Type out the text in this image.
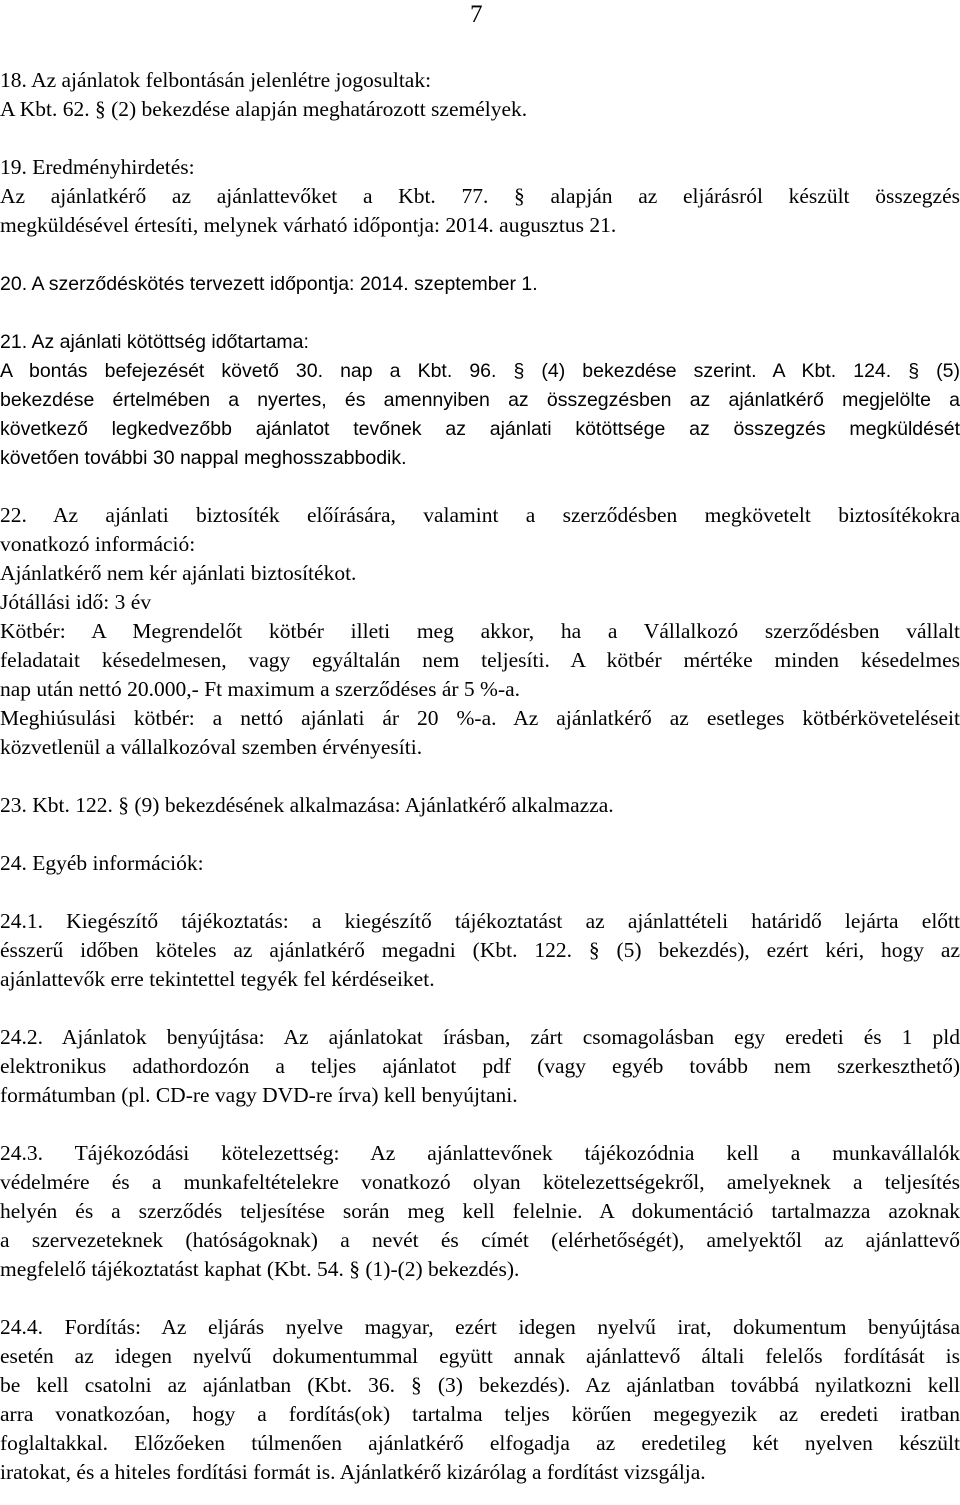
7
18. Az ajánlatok felbontásán jelenlétre jogosultak:
A Kbt. 62. § (2) bekezdése alapján meghatározott személyek.
19. Eredményhirdetés:
Az ajánlatkérő az ajánlattevőket a Kbt. 77. § alapján az eljárásról készült összegzés
megküldésével értesíti, melynek várható időpontja: 2014. augusztus 21.
20. A szerződéskötés tervezett időpontja: 2014. szeptember 1.
21. Az ajánlati kötöttség időtartama:
A bontás befejezését követő 30. nap a Kbt. 96. § (4) bekezdése szerint. A Kbt. 124. § (5)
bekezdése értelmében a nyertes, és amennyiben az összegzésben az ajánlatkérő megjelölte a
következő legkedvezőbb ajánlatot tevőnek az ajánlati kötöttsége az összegzés megküldését
követően további 30 nappal meghosszabbodik.
22. Az ajánlati biztosíték előírására, valamint a szerződésben megkövetelt biztosítékokra
vonatkozó információ:
Ajánlatkérő nem kér ajánlati biztosítékot.
Jótállási idő: 3 év
Kötbér: A Megrendelőt kötbér illeti meg akkor, ha a Vállalkozó szerződésben vállalt
feladatait késedelmesen, vagy egyáltalán nem teljesíti. A kötbér mértéke minden késedelmes
nap után nettó 20.000,- Ft maximum a szerződéses ár 5 %-a.
Meghiúsulási kötbér: a nettó ajánlati ár 20 %-a. Az ajánlatkérő az esetleges kötbérköveteléseit
közvetlenül a vállalkozóval szemben érvényesíti.
23. Kbt. 122. § (9) bekezdésének alkalmazása: Ajánlatkérő alkalmazza.
24. Egyéb információk:
24.1. Kiegészítő tájékoztatás: a kiegészítő tájékoztatást az ajánlattételi határidő lejárta előtt
ésszerű időben köteles az ajánlatkérő megadni (Kbt. 122. § (5) bekezdés), ezért kéri, hogy az
ajánlattevők erre tekintettel tegyék fel kérdéseiket.
24.2. Ajánlatok benyújtása: Az ajánlatokat írásban, zárt csomagolásban egy eredeti és 1 pld
elektronikus adathordozón a teljes ajánlatot pdf (vagy egyéb tovább nem szerkeszthető)
formátumban (pl. CD-re vagy DVD-re írva) kell benyújtani.
24.3. Tájékozódási kötelezettség: Az ajánlattevőnek tájékozódnia kell a munkavállalók
védelmére és a munkafeltételekre vonatkozó olyan kötelezettségekről, amelyeknek a teljesítés
helyén és a szerződés teljesítése során meg kell felelnie. A dokumentáció tartalmazza azoknak
a szervezeteknek (hatóságoknak) a nevét és címét (elérhetőségét), amelyektől az ajánlattevő
megfelelő tájékoztatást kaphat (Kbt. 54. § (1)-(2) bekezdés).
24.4. Fordítás: Az eljárás nyelve magyar, ezért idegen nyelvű irat, dokumentum benyújtása
esetén az idegen nyelvű dokumentummal együtt annak ajánlattevő általi felelős fordítását is
be kell csatolni az ajánlatban (Kbt. 36. § (3) bekezdés). Az ajánlatban továbbá nyilatkozni kell
arra vonatkozóan, hogy a fordítás(ok) tartalma teljes körűen megegyezik az eredeti iratban
foglaltakkal. Előzőeken túlmenően ajánlatkérő elfogadja az eredetileg két nyelven készült
iratokat, és a hiteles fordítási formát is. Ajánlatkérő kizárólag a fordítást vizsgálja.
